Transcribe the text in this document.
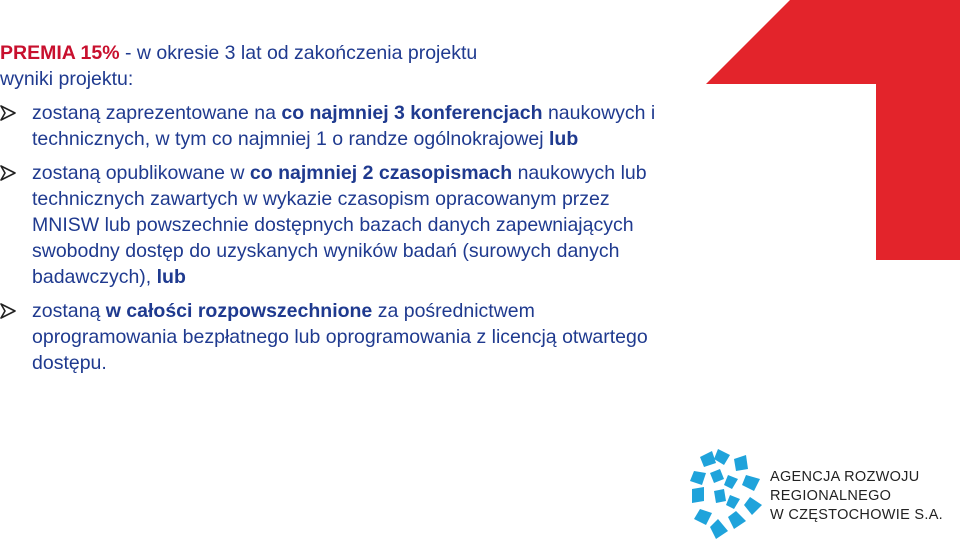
PREMIA 15% - w okresie 3 lat od zakończenia projektu
wyniki projektu:
zostaną zaprezentowane na co najmniej 3 konferencjach naukowych i technicznych, w tym co najmniej 1 o randze ogólnokrajowej lub
zostaną opublikowane w co najmniej 2 czasopismach naukowych lub technicznych zawartych w wykazie czasopism opracowanym przez MNISW lub powszechnie dostępnych bazach danych zapewniających swobodny dostęp do uzyskanych wyników badań (surowych danych badawczych), lub
zostaną w całości rozpowszechnione za pośrednictwem oprogramowania bezpłatnego lub oprogramowania z licencją otwartego dostępu.
Poziom
dotacji
AGENCJA ROZWOJU
REGIONALNEGO
W CZĘSTOCHOWIE S.A.
